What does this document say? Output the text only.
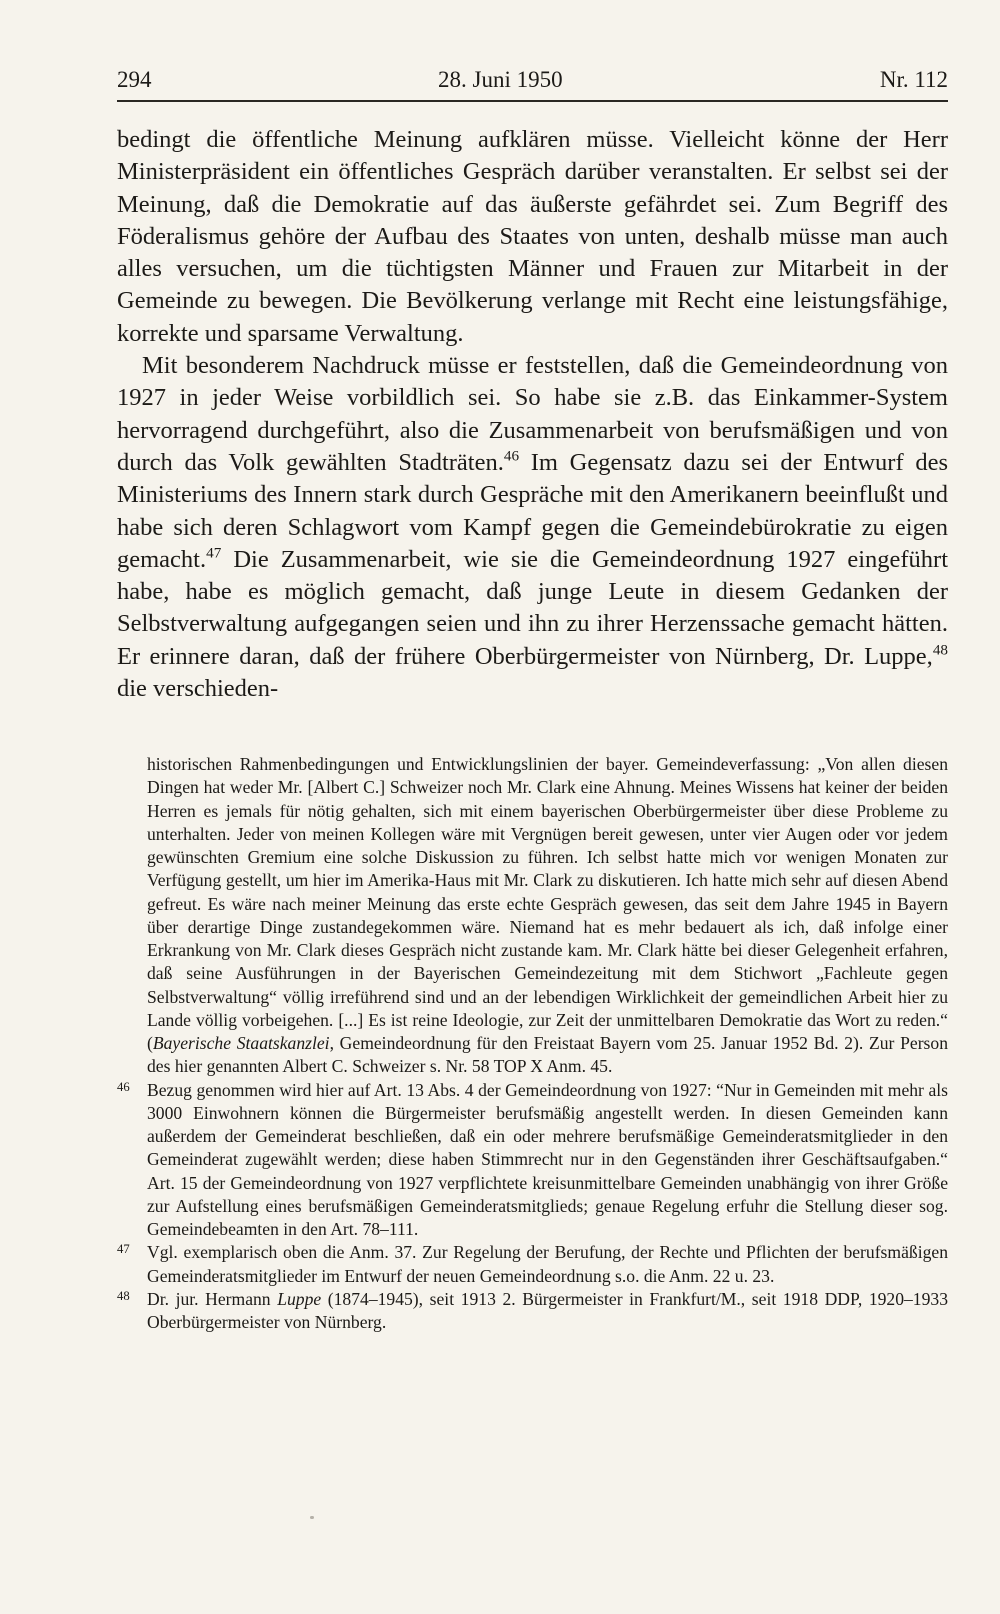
294	28. Juni 1950	Nr. 112

bedingt die öffentliche Meinung aufklären müsse. Vielleicht könne der Herr Ministerpräsident ein öffentliches Gespräch darüber veranstalten. Er selbst sei der Meinung, daß die Demokratie auf das äußerste gefährdet sei. Zum Begriff des Föderalismus gehöre der Aufbau des Staates von unten, deshalb müsse man auch alles versuchen, um die tüchtigsten Männer und Frauen zur Mitarbeit in der Gemeinde zu bewegen. Die Bevölkerung verlange mit Recht eine leistungsfähige, korrekte und sparsame Verwaltung.

Mit besonderem Nachdruck müsse er feststellen, daß die Gemeindeordnung von 1927 in jeder Weise vorbildlich sei. So habe sie z.B. das Einkammer-System hervorragend durchgeführt, also die Zusammenarbeit von berufsmäßigen und von durch das Volk gewählten Stadträten.$^{46}$ Im Gegensatz dazu sei der Entwurf des Ministeriums des Innern stark durch Gespräche mit den Amerikanern beeinflußt und habe sich deren Schlagwort vom Kampf gegen die Gemeindebürokratie zu eigen gemacht.$^{47}$ Die Zusammenarbeit, wie sie die Gemeindeordnung 1927 eingeführt habe, habe es möglich gemacht, daß junge Leute in diesem Gedanken der Selbstverwaltung aufgegangen seien und ihn zu ihrer Herzenssache gemacht hätten. Er erinnere daran, daß der frühere Oberbürgermeister von Nürnberg, Dr. Luppe,$^{48}$ die verschieden-

historischen Rahmenbedingungen und Entwicklungslinien der bayer. Gemeindeverfassung: „Von allen diesen Dingen hat weder Mr. [Albert C.] Schweizer noch Mr. Clark eine Ahnung. Meines Wissens hat keiner der beiden Herren es jemals für nötig gehalten, sich mit einem bayerischen Oberbürgermeister über diese Probleme zu unterhalten. Jeder von meinen Kollegen wäre mit Vergnügen bereit gewesen, unter vier Augen oder vor jedem gewünschten Gremium eine solche Diskussion zu führen. Ich selbst hatte mich vor wenigen Monaten zur Verfügung gestellt, um hier im Amerika-Haus mit Mr. Clark zu diskutieren. Ich hatte mich sehr auf diesen Abend gefreut. Es wäre nach meiner Meinung das erste echte Gespräch gewesen, das seit dem Jahre 1945 in Bayern über derartige Dinge zustandegekommen wäre. Niemand hat es mehr bedauert als ich, daß infolge einer Erkrankung von Mr. Clark dieses Gespräch nicht zustande kam. Mr. Clark hätte bei dieser Gelegenheit erfahren, daß seine Ausführungen in der Bayerischen Gemeindezeitung mit dem Stichwort „Fachleute gegen Selbstverwaltung“ völlig irreführend sind und an der lebendigen Wirklichkeit der gemeindlichen Arbeit hier zu Lande völlig vorbeigehen. [...] Es ist reine Ideologie, zur Zeit der unmittelbaren Demokratie das Wort zu reden.“ (Bayerische Staatskanzlei, Gemeindeordnung für den Freistaat Bayern vom 25. Januar 1952 Bd. 2). Zur Person des hier genannten Albert C. Schweizer s. Nr. 58 TOP X Anm. 45.

46 Bezug genommen wird hier auf Art. 13 Abs. 4 der Gemeindeordnung von 1927: “Nur in Gemeinden mit mehr als 3000 Einwohnern können die Bürgermeister berufsmäßig angestellt werden. In diesen Gemeinden kann außerdem der Gemeinderat beschließen, daß ein oder mehrere berufsmäßige Gemeinderatsmitglieder in den Gemeinderat zugewählt werden; diese haben Stimmrecht nur in den Gegenständen ihrer Geschäftsaufgaben.“ Art. 15 der Gemeindeordnung von 1927 verpflichtete kreisunmittelbare Gemeinden unabhängig von ihrer Größe zur Aufstellung eines berufsmäßigen Gemeinderatsmitglieds; genaue Regelung erfuhr die Stellung dieser sog. Gemeindebeamten in den Art. 78–111.

47 Vgl. exemplarisch oben die Anm. 37. Zur Regelung der Berufung, der Rechte und Pflichten der berufsmäßigen Gemeinderatsmitglieder im Entwurf der neuen Gemeindeordnung s.o. die Anm. 22 u. 23.

48 Dr. jur. Hermann Luppe (1874–1945), seit 1913 2. Bürgermeister in Frankfurt/M., seit 1918 DDP, 1920–1933 Oberbürgermeister von Nürnberg.
